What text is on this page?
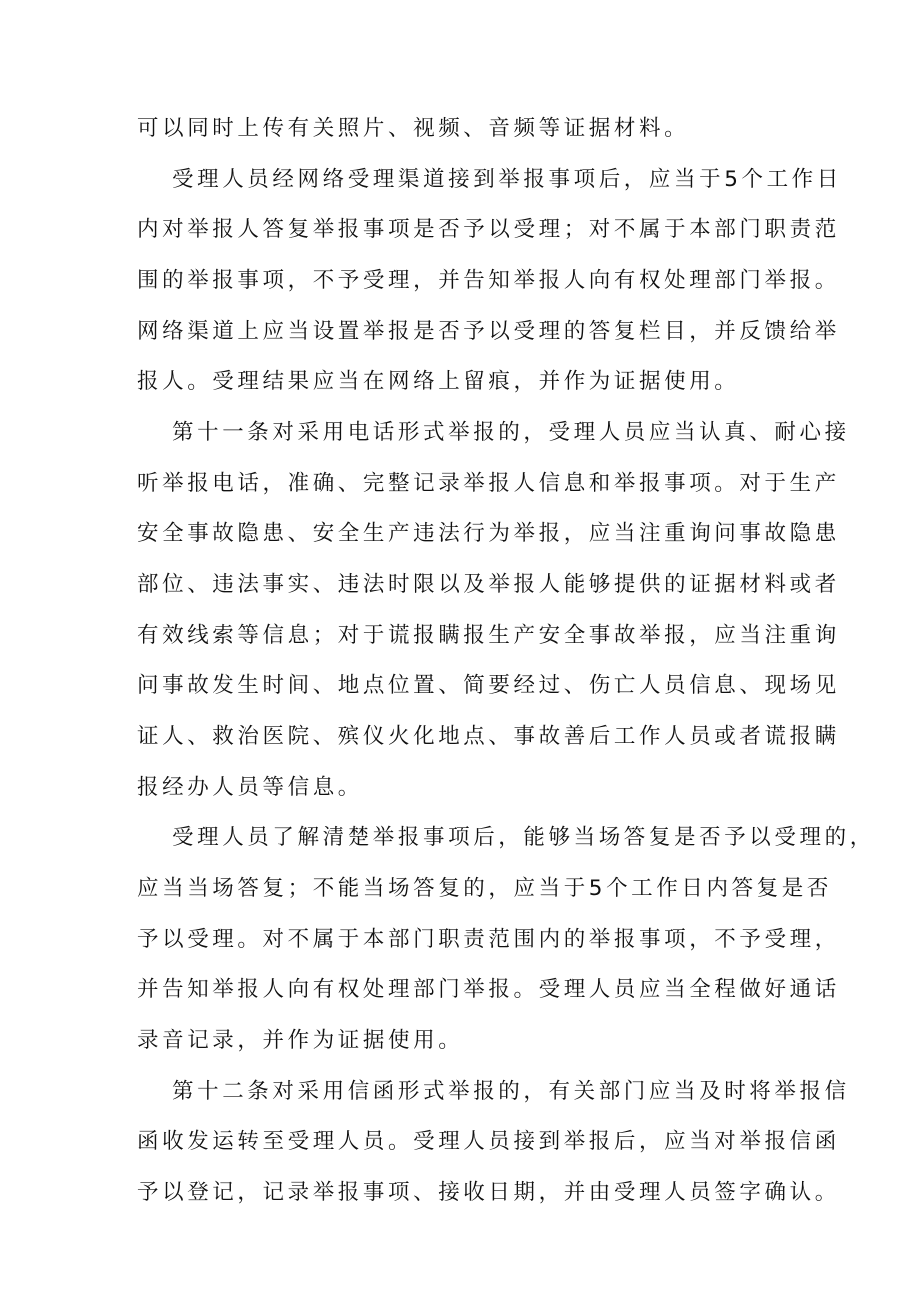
可以同时上传有关照片、视频、音频等证据材料。
受理人员经网络受理渠道接到举报事项后，应当于5个工作日
内对举报人答复举报事项是否予以受理；对不属于本部门职责范
围的举报事项，不予受理，并告知举报人向有权处理部门举报。
网络渠道上应当设置举报是否予以受理的答复栏目，并反馈给举
报人。受理结果应当在网络上留痕，并作为证据使用。
第十一条对采用电话形式举报的，受理人员应当认真、耐心接
听举报电话，准确、完整记录举报人信息和举报事项。对于生产
安全事故隐患、安全生产违法行为举报，应当注重询问事故隐患
部位、违法事实、违法时限以及举报人能够提供的证据材料或者
有效线索等信息；对于谎报瞒报生产安全事故举报，应当注重询
问事故发生时间、地点位置、简要经过、伤亡人员信息、现场见
证人、救治医院、殡仪火化地点、事故善后工作人员或者谎报瞒
报经办人员等信息。
受理人员了解清楚举报事项后，能够当场答复是否予以受理的，
应当当场答复；不能当场答复的，应当于5个工作日内答复是否
予以受理。对不属于本部门职责范围内的举报事项，不予受理，
并告知举报人向有权处理部门举报。受理人员应当全程做好通话
录音记录，并作为证据使用。
第十二条对采用信函形式举报的，有关部门应当及时将举报信
函收发运转至受理人员。受理人员接到举报后，应当对举报信函
予以登记，记录举报事项、接收日期，并由受理人员签字确认。
